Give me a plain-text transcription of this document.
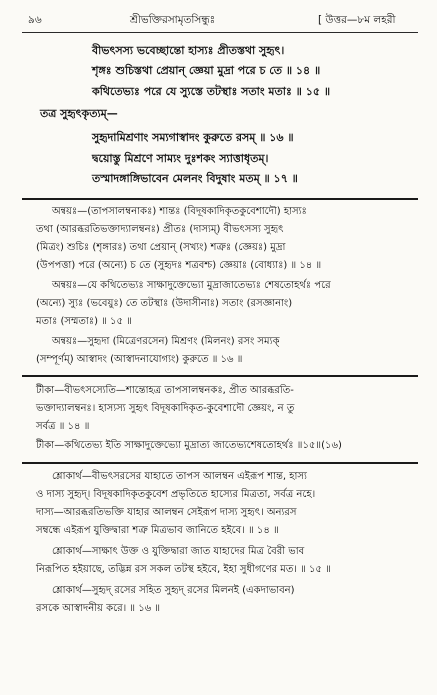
৯৬	শ্রীভক্তিরসামৃতসিন্ধুঃ	[ উত্তর—৮ম লহরী
বীভৎসস্য ভবেচ্ছান্তো হাস্যঃ প্রীতস্তথা সুহৃৎ।
শৃঙ্গঃ শুচিস্তথা প্রেয়ান্ জ্ঞেয়া মুদ্রা পরে চ তে ॥ ১৪ ॥
কথিতেভ্যঃ পরে যে স্যুস্তে তটস্থাঃ সতাং মতাঃ ॥ ১৫ ॥
তত্র সুহৃৎকৃত্যম্—
সুহৃদামিশ্রণাং সম্যগাস্বাদং কুরুতে রসম্ ॥ ১৬ ॥
দ্বয়োস্তু মিশ্রণে সাম্যং দুঃশকং স্যাত্তাধৃতম্।
তস্মাদঙ্গাঙ্গিভাবেন মেলনং বিদুষাং মতম্ ॥ ১৭ ॥
অন্বয়ঃ—(তাপসালম্বনাকঃ) শান্তঃ (বিদূষকাদিকৃতকুবেশাদৌ) হাস্যঃ
তথা (আরব্ধরতিভক্তাদ্যালম্বনঃ) প্রীতঃ (দাস্যম্) বীভৎসস্য সুহৃৎ
(মিত্রং) শুচিঃ (শৃঙ্গারঃ) তথা প্রেয়ান্ (সখ্যং) শত্রুঃ (জ্ঞেয়ঃ) মুদ্রা
(উপপত্তা) পরে (অন্যে) চ তে (সুহৃদঃ শত্রবশ্চ) জ্ঞেয়াঃ (বোধ্যাঃ) ॥ ১৪ ॥
অন্বয়ঃ—যে কথিতেভ্যঃ সাক্ষাদুক্তেভ্যো মুদ্রাজাতেভ্যঃ শেষতোহর্থঃ পরে
(অন্যে) স্যুঃ (ভবেয়ুঃ) তে তটস্থাঃ (উদাসীনাঃ) সতাং (রসজ্ঞানাং)
মতাঃ (সম্মতাঃ) ॥ ১৫ ॥
অন্বয়ঃ—সুহৃদা (মিত্রেণরসেন) মিশ্রণং (মিলনং) রসং সম্যক্
(সম্পূর্ণম্) আস্বাদং (আস্বাদনাযোগ্যং) কুরুতে ॥ ১৬ ॥
টীকা—বীভৎসস্যেতি—শান্তোহত্র তাপসালম্বনকঃ, প্রীত আরব্ধরতি-
ভক্তাদ্যালম্বনঃ। হাস্যস্য সুহৃৎ বিদূষকাদিকৃত-কুবেশাদৌ জ্ঞেয়ং, ন তু
সর্বত্র ॥ ১৪ ॥
টীকা—কথিতেভ্য ইতি সাক্ষাদুক্তেভ্যো মুদ্রাত্য জাতেভ্যশেষতোহর্থঃ ॥১৫॥(১৬)
শ্লোকার্থ—বীভৎসরসের যাহাতে তাপস আলম্বন এইরূপ শান্ত, হাস্য
ও দাস্য সুহৃদ্। বিদূষকাদিকৃতকুবেশ প্রভৃতিতে হাস্যের মিত্রতা, সর্বত্র নহে।
দাস্য—আরব্ধরতিভক্তি যাহার আলম্বন সেইরূপ দাস্য সুহৃৎ। অন্যরস
সম্বন্ধে এইরূপ যুক্তিদ্বারা শত্রু মিত্রভাব জানিতে হইবে। ॥ ১৪ ॥
শ্লোকার্থ—সাক্ষাৎ উক্ত ও যুক্তিদ্বারা জাত যাহাদের মিত্র বৈরী ভাব
নিরূপিত হইয়াছে, তদ্ভিন্ন রস সকল তটস্থ হইবে, ইহা সুধীগণের মত। ॥ ১৫ ॥
শ্লোকার্থ—সুহৃদ্ রসের সহিত সুহৃদ্ রসের মিলনই (একদাভাবন)
রসকে আস্বাদনীয় করে। ॥ ১৬ ॥
